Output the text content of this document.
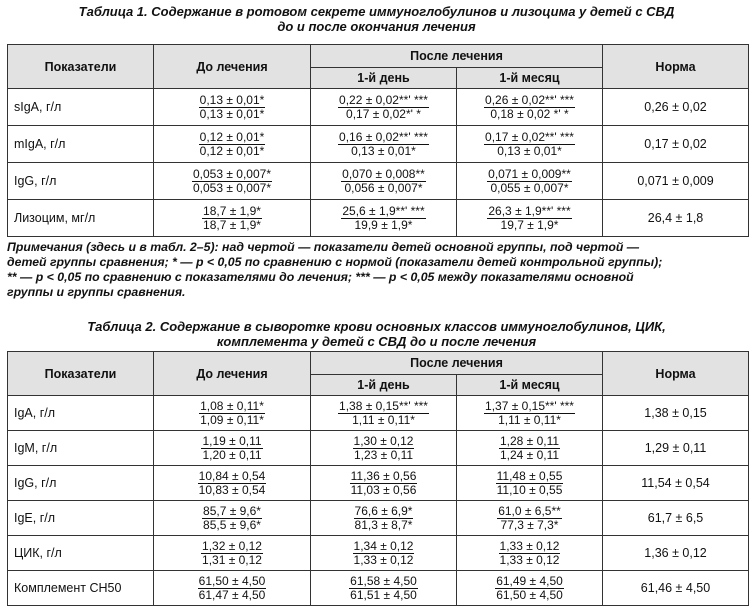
Таблица 1. Содержание в ротовом секрете иммуноглобулинов и лизоцима у детей с СВД
до и после окончания лечения
Показатели	До лечения	После лечения		Норма
		1-й день	1-й месяц	
sIgA, г/л	$\frac{0,13 \pm 0,01*}{0,13 \pm 0,01*}$	$\frac{0,22 \pm 0,02**' ***}{0,17 \pm 0,02*' *}$	$\frac{0,26 \pm 0,02**' ***}{0,18 \pm 0,02 *' *}$	0,26 ± 0,02
mIgA, г/л	$\frac{0,12 \pm 0,01*}{0,12 \pm 0,01*}$	$\frac{0,16 \pm 0,02**' ***}{0,13 \pm 0,01*}$	$\frac{0,17 \pm 0,02**' ***}{0,13 \pm 0,01*}$	0,17 ± 0,02
IgG, г/л	$\frac{0,053 \pm 0,007*}{0,053 \pm 0,007*}$	$\frac{0,070 \pm 0,008**}{0,056 \pm 0,007*}$	$\frac{0,071 \pm 0,009**}{0,055 \pm 0,007*}$	0,071 ± 0,009
Лизоцим, мг/л	$\frac{18,7 \pm 1,9*}{18,7 \pm 1,9*}$	$\frac{25,6 \pm 1,9**' ***}{19,9 \pm 1,9*}$	$\frac{26,3 \pm 1,9**' ***}{19,7 \pm 1,9*}$	26,4 ± 1,8
Примечания (здесь и в табл. 2–5): над чертой — показатели детей основной группы, под чертой —
детей группы сравнения; * — р < 0,05 по сравнению с нормой (показатели детей контрольной группы);
** — р < 0,05 по сравнению с показателями до лечения; *** — р < 0,05 между показателями основной
группы и группы сравнения.
Таблица 2. Содержание в сыворотке крови основных классов иммуноглобулинов, ЦИК,
комплемента у детей с СВД до и после лечения
Показатели	До лечения	После лечения		Норма
		1-й день	1-й месяц	
IgA, г/л	$\frac{1,08 \pm 0,11*}{1,09 \pm 0,11*}$	$\frac{1,38 \pm 0,15**' ***}{1,11 \pm 0,11*}$	$\frac{1,37 \pm 0,15**' ***}{1,11 \pm 0,11*}$	1,38 ± 0,15
IgM, г/л	$\frac{1,19 \pm 0,11}{1,20 \pm 0,11}$	$\frac{1,30 \pm 0,12}{1,23 \pm 0,11}$	$\frac{1,28 \pm 0,11}{1,24 \pm 0,11}$	1,29 ± 0,11
IgG, г/л	$\frac{10,84 \pm 0,54}{10,83 \pm 0,54}$	$\frac{11,36 \pm 0,56}{11,03 \pm 0,56}$	$\frac{11,48 \pm 0,55}{11,10 \pm 0,55}$	11,54 ± 0,54
IgE, г/л	$\frac{85,7 \pm 9,6*}{85,5 \pm 9,6*}$	$\frac{76,6 \pm 6,9*}{81,3 \pm 8,7*}$	$\frac{61,0 \pm 6,5**}{77,3 \pm 7,3*}$	61,7 ± 6,5
ЦИК, г/л	$\frac{1,32 \pm 0,12}{1,31 \pm 0,12}$	$\frac{1,34 \pm 0,12}{1,33 \pm 0,12}$	$\frac{1,33 \pm 0,12}{1,33 \pm 0,12}$	1,36 ± 0,12
Комплемент СН50	$\frac{61,50 \pm 4,50}{61,47 \pm 4,50}$	$\frac{61,58 \pm 4,50}{61,51 \pm 4,50}$	$\frac{61,49 \pm 4,50}{61,50 \pm 4,50}$	61,46 ± 4,50
